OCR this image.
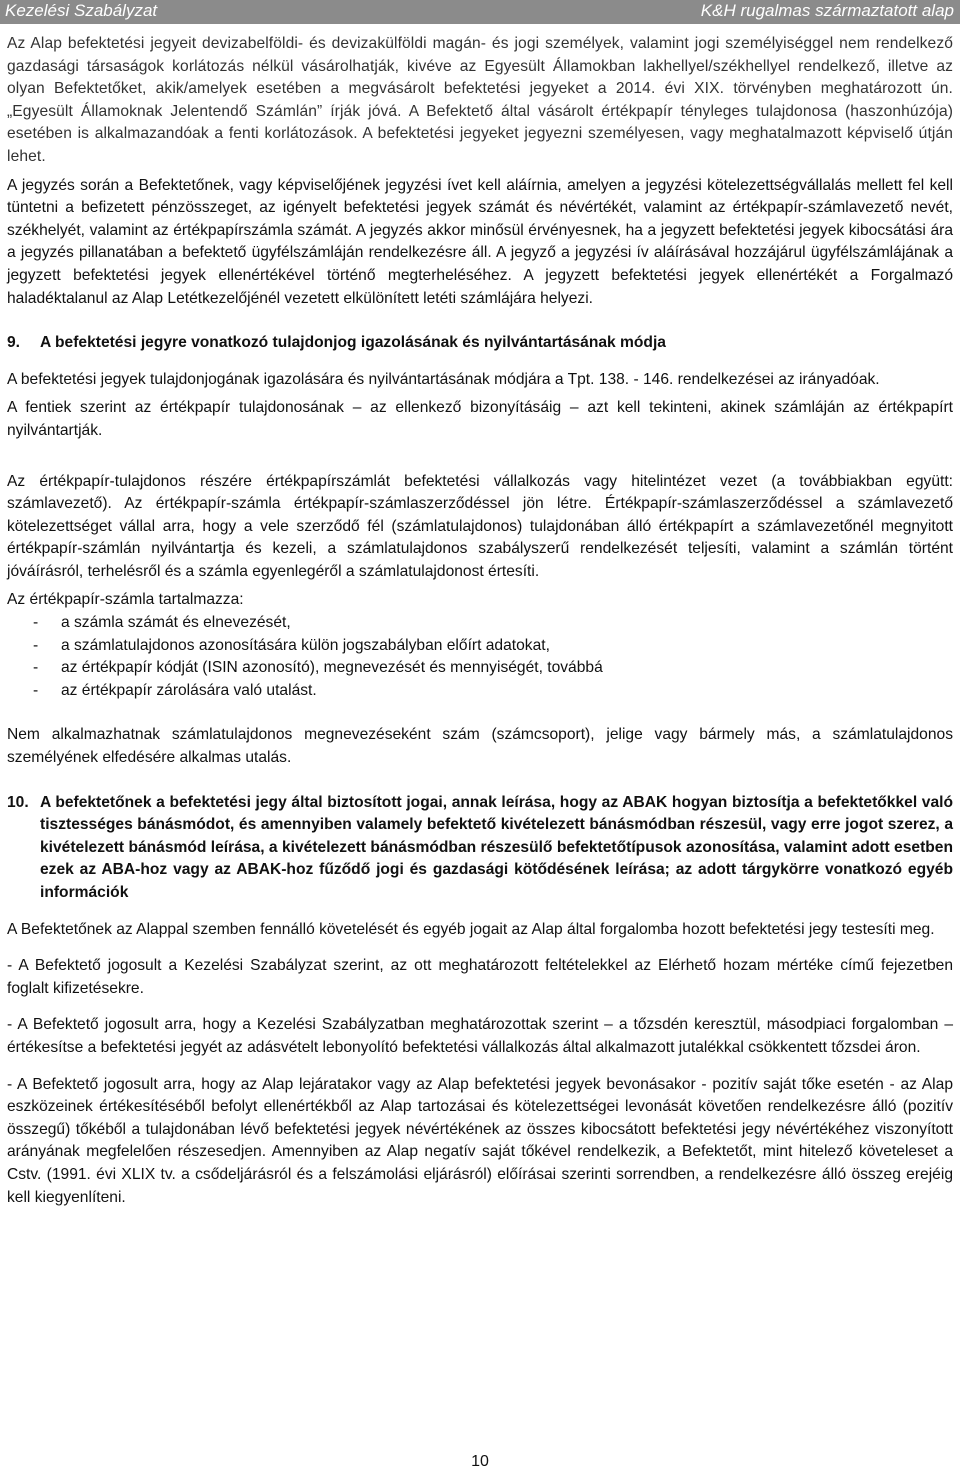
Kezelési Szabályzat	K&H rugalmas származtatott alap

Az Alap befektetési jegyeit devizabelföldi- és devizakülföldi magán- és jogi személyek, valamint jogi személyiséggel nem rendelkező gazdasági társaságok korlátozás nélkül vásárolhatják, kivéve az Egyesült Államokban lakhellyel/székhellyel rendelkező, illetve az olyan Befektetőket, akik/amelyek esetében a megvásárolt befektetési jegyeket a 2014. évi XIX. törvényben meghatározott ún. „Egyesült Államoknak Jelentendő Számlán” írják jóvá. A Befektető által vásárolt értékpapír tényleges tulajdonosa (haszonhúzója) esetében is alkalmazandóak a fenti korlátozások. A befektetési jegyeket jegyezni személyesen, vagy meghatalmazott képviselő útján lehet.

A jegyzés során a Befektetőnek, vagy képviselőjének jegyzési ívet kell aláírnia, amelyen a jegyzési kötelezettségvállalás mellett fel kell tüntetni a befizetett pénzösszeget, az igényelt befektetési jegyek számát és névértékét, valamint az értékpapír-számlavezető nevét, székhelyét, valamint az értékpapírszámla számát. A jegyzés akkor minősül érvényesnek, ha a jegyzett befektetési jegyek kibocsátási ára a jegyzés pillanatában a befektető ügyfélszámláján rendelkezésre áll. A jegyző a jegyzési ív aláírásával hozzájárul ügyfélszámlájának a jegyzett befektetési jegyek ellenértékével történő megterheléséhez. A jegyzett befektetési jegyek ellenértékét a Forgalmazó haladéktalanul az Alap Letétkezelőjénél vezetett elkülönített letéti számlájára helyezi.

9.	A befektetési jegyre vonatkozó tulajdonjog igazolásának és nyilvántartásának módja

A befektetési jegyek tulajdonjogának igazolására és nyilvántartásának módjára a Tpt. 138. - 146. rendelkezései az irányadóak.

A fentiek szerint az értékpapír tulajdonosának – az ellenkező bizonyításáig – azt kell tekinteni, akinek számláján az értékpapírt nyilvántartják.

Az értékpapír-tulajdonos részére értékpapírszámlát befektetési vállalkozás vagy hitelintézet vezet (a továbbiakban együtt: számlavezető). Az értékpapír-számla értékpapír-számlaszerződéssel jön létre. Értékpapír-számlaszerződéssel a számlavezető kötelezettséget vállal arra, hogy a vele szerződő fél (számlatulajdonos) tulajdonában álló értékpapírt a számlavezetőnél megnyitott értékpapír-számlán nyilvántartja és kezeli, a számlatulajdonos szabályszerű rendelkezését teljesíti, valamint a számlán történt jóváírásról, terhelésről és a számla egyenlegéről a számlatulajdonost értesíti.

Az értékpapír-számla tartalmazza:

-	a számla számát és elnevezését,
-	a számlatulajdonos azonosítására külön jogszabályban előírt adatokat,
-	az értékpapír kódját (ISIN azonosító), megnevezését és mennyiségét, továbbá
-	az értékpapír zárolására való utalást.

Nem alkalmazhatnak számlatulajdonos megnevezéseként szám (számcsoport), jelige vagy bármely más, a számlatulajdonos személyének elfedésére alkalmas utalás.

10. A befektetőnek a befektetési jegy által biztosított jogai, annak leírása, hogy az ABAK hogyan biztosítja a befektetőkkel való tisztességes bánásmódot, és amennyiben valamely befektető kivételezett bánásmódban részesül, vagy erre jogot szerez, a kivételezett bánásmód leírása, a kivételezett bánásmódban részesülő befektetőtípusok azonosítása, valamint adott esetben ezek az ABA-hoz vagy az ABAK-hoz fűződő jogi és gazdasági kötődésének leírása; az adott tárgykörre vonatkozó egyéb információk

A Befektetőnek az Alappal szemben fennálló követelését és egyéb jogait az Alap által forgalomba hozott befektetési jegy testesíti meg.

- A Befektető jogosult a Kezelési Szabályzat szerint, az ott meghatározott feltételekkel az Elérhető hozam mértéke című fejezetben foglalt kifizetésekre.

- A Befektető jogosult arra, hogy a Kezelési Szabályzatban meghatározottak szerint – a tőzsdén keresztül, másodpiaci forgalomban – értékesítse a befektetési jegyét az adásvételt lebonyolító befektetési vállalkozás által alkalmazott jutalékkal csökkentett tőzsdei áron.

- A Befektető jogosult arra, hogy az Alap lejáratakor vagy az Alap befektetési jegyek bevonásakor - pozitív saját tőke esetén - az Alap eszközeinek értékesítéséből befolyt ellenértékből az Alap tartozásai és kötelezettségei levonását követően rendelkezésre álló (pozitív összegű) tőkéből a tulajdonában lévő befektetési jegyek névértékének az összes kibocsátott befektetési jegy névértékéhez viszonyított arányának megfelelően részesedjen. Amennyiben az Alap negatív saját tőkével rendelkezik, a Befektetőt, mint hitelező követeleset a Cstv. (1991. évi XLIX tv. a csődeljárásról és a felszámolási eljárásról) előírásai szerinti sorrendben, a rendelkezésre álló összeg erejéig kell kiegyenlíteni.

10
